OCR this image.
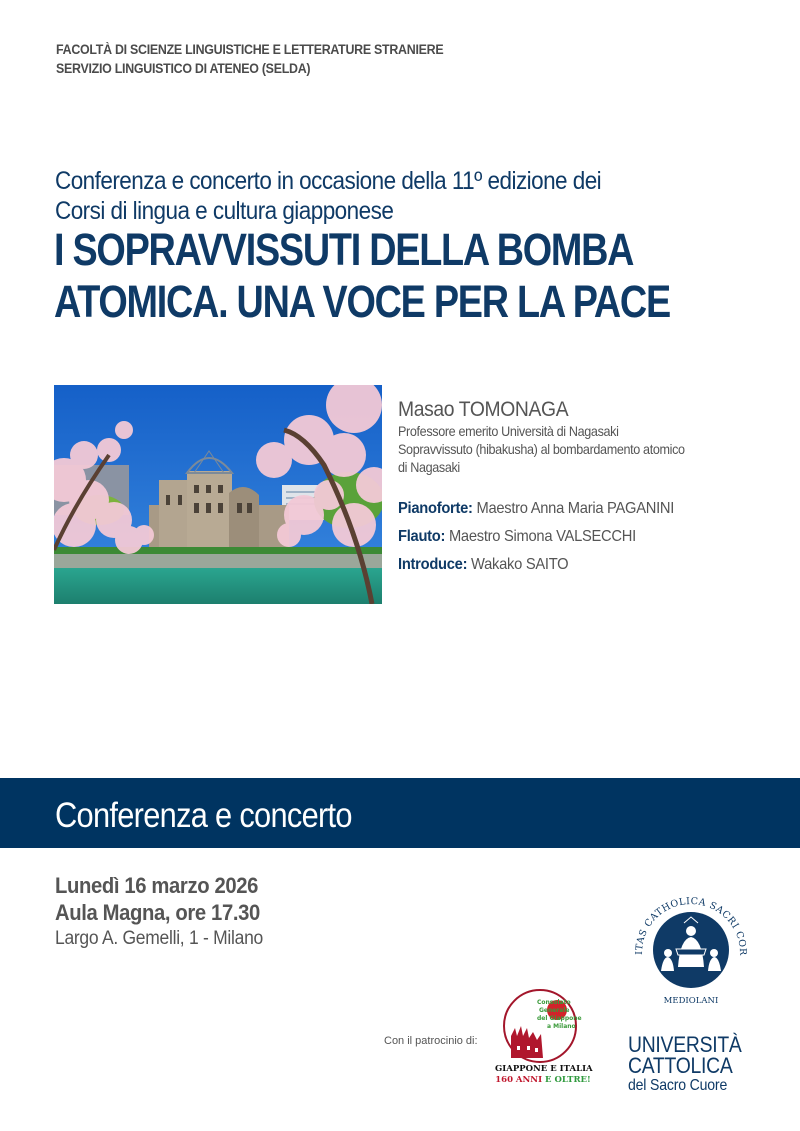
FACOLTÀ DI SCIENZE LINGUISTICHE E LETTERATURE STRANIERE
SERVIZIO LINGUISTICO DI ATENEO (SELDA)
Conferenza e concerto in occasione della 11º edizione dei
Corsi di lingua e cultura giapponese
I SOPRAVVISSUTI DELLA BOMBA
ATOMICA. UNA VOCE PER LA PACE
Masao TOMONAGA
Professore emerito Università di Nagasaki
Sopravvissuto (hibakusha) al bombardamento atomico
di Nagasaki
Pianoforte: Maestro Anna Maria PAGANINI
Flauto: Maestro Simona VALSECCHI
Introduce: Wakako SAITO
Conferenza e concerto
Lunedì 16 marzo 2026
Aula Magna, ore 17.30
Largo A. Gemelli, 1 - Milano
Con il patrocinio di:
Consolato
Generale
del Giappone
a Milano
GIAPPONE E ITALIA
160 ANNI E OLTRE!
ITAS CATHOLICA SACRI COR
MEDIOLANI
UNIVERSITÀ
CATTOLICA
del Sacro Cuore
